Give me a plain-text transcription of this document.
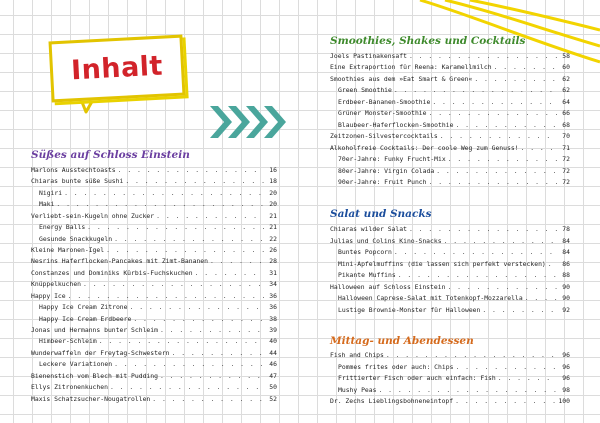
Inhalt
Süßes auf Schloss Einstein
Smoothies, Shakes und Cocktails
Salat und Snacks
Mittag- und Abendessen
Marlons Ausstechtoasts . . .	16
Chiaras bunte süße Sushi . . .	18
Nigiri . . .	20
Maki . . .	20
Verliebt-sein-Kugeln ohne Zucker . . .	21
Energy Balls . . .	21
Gesunde Snackkugeln . . .	22
Kleine Maronen-Igel . . .	26
Nesrins Haferflocken-Pancakes mit Zimt-Bananen . . .	28
Constanzes und Dominiks Kürbis-Fuchskuchen . . .	31
Knüppelkuchen . . .	34
Happy Ice . . .	36
Happy Ice Cream Zitrone . . .	36
Happy Ice Cream Erdbeere . . .	38
Jonas und Hermanns bunter Schleim . . .	39
Himbeer-Schleim . . .	40
Wunderwaffeln der Freytag-Schwestern . . .	44
Leckere Variationen . . .	46
Bienenstich vom Blech mit Pudding . . .	47
Ellys Zitronenkuchen . . .	50
Maxis Schatzsucher-Nougatrollen . . .	52
Joels Pastinakensaft . . .	58
Eine Extraportion für Reena: Karamellmilch . . .	60
Smoothies aus dem »Eat Smart & Green« . . .	62
Green Smoothie . . .	62
Erdbeer-Bananen-Smoothie . . .	64
Grüner Monster-Smoothie . . .	66
Blaubeer-Haferflocken-Smoothie . . .	68
Zeitzonen-Silvestercocktails . . .	70
Alkoholfreie Cocktails: Der coole Weg zum Genuss! . . .	71
70er-Jahre: Funky Frucht-Mix . . .	72
80er-Jahre: Virgin Colada . . .	72
90er-Jahre: Fruit Punch . . .	72
Chiaras wilder Salat . . .	78
Julias und Colins Kino-Snacks . . .	84
Buntes Popcorn . . .	84
Mini-Apfelmuffins (die lassen sich perfekt verstecken) . . .	86
Pikante Muffins . . .	88
Halloween auf Schloss Einstein . . .	90
Halloween Caprese-Salat mit Totenkopf-Mozzarella . . .	90
Lustige Brownie-Monster für Halloween . . .	92
Fish and Chips . . .	96
Pommes frites oder auch: Chips . . .	96
Frittierter Fisch oder auch einfach: Fish . . .	96
Mushy Peas . . .	98
Dr. Zechs Lieblingsbohneneintopf . . .	100
